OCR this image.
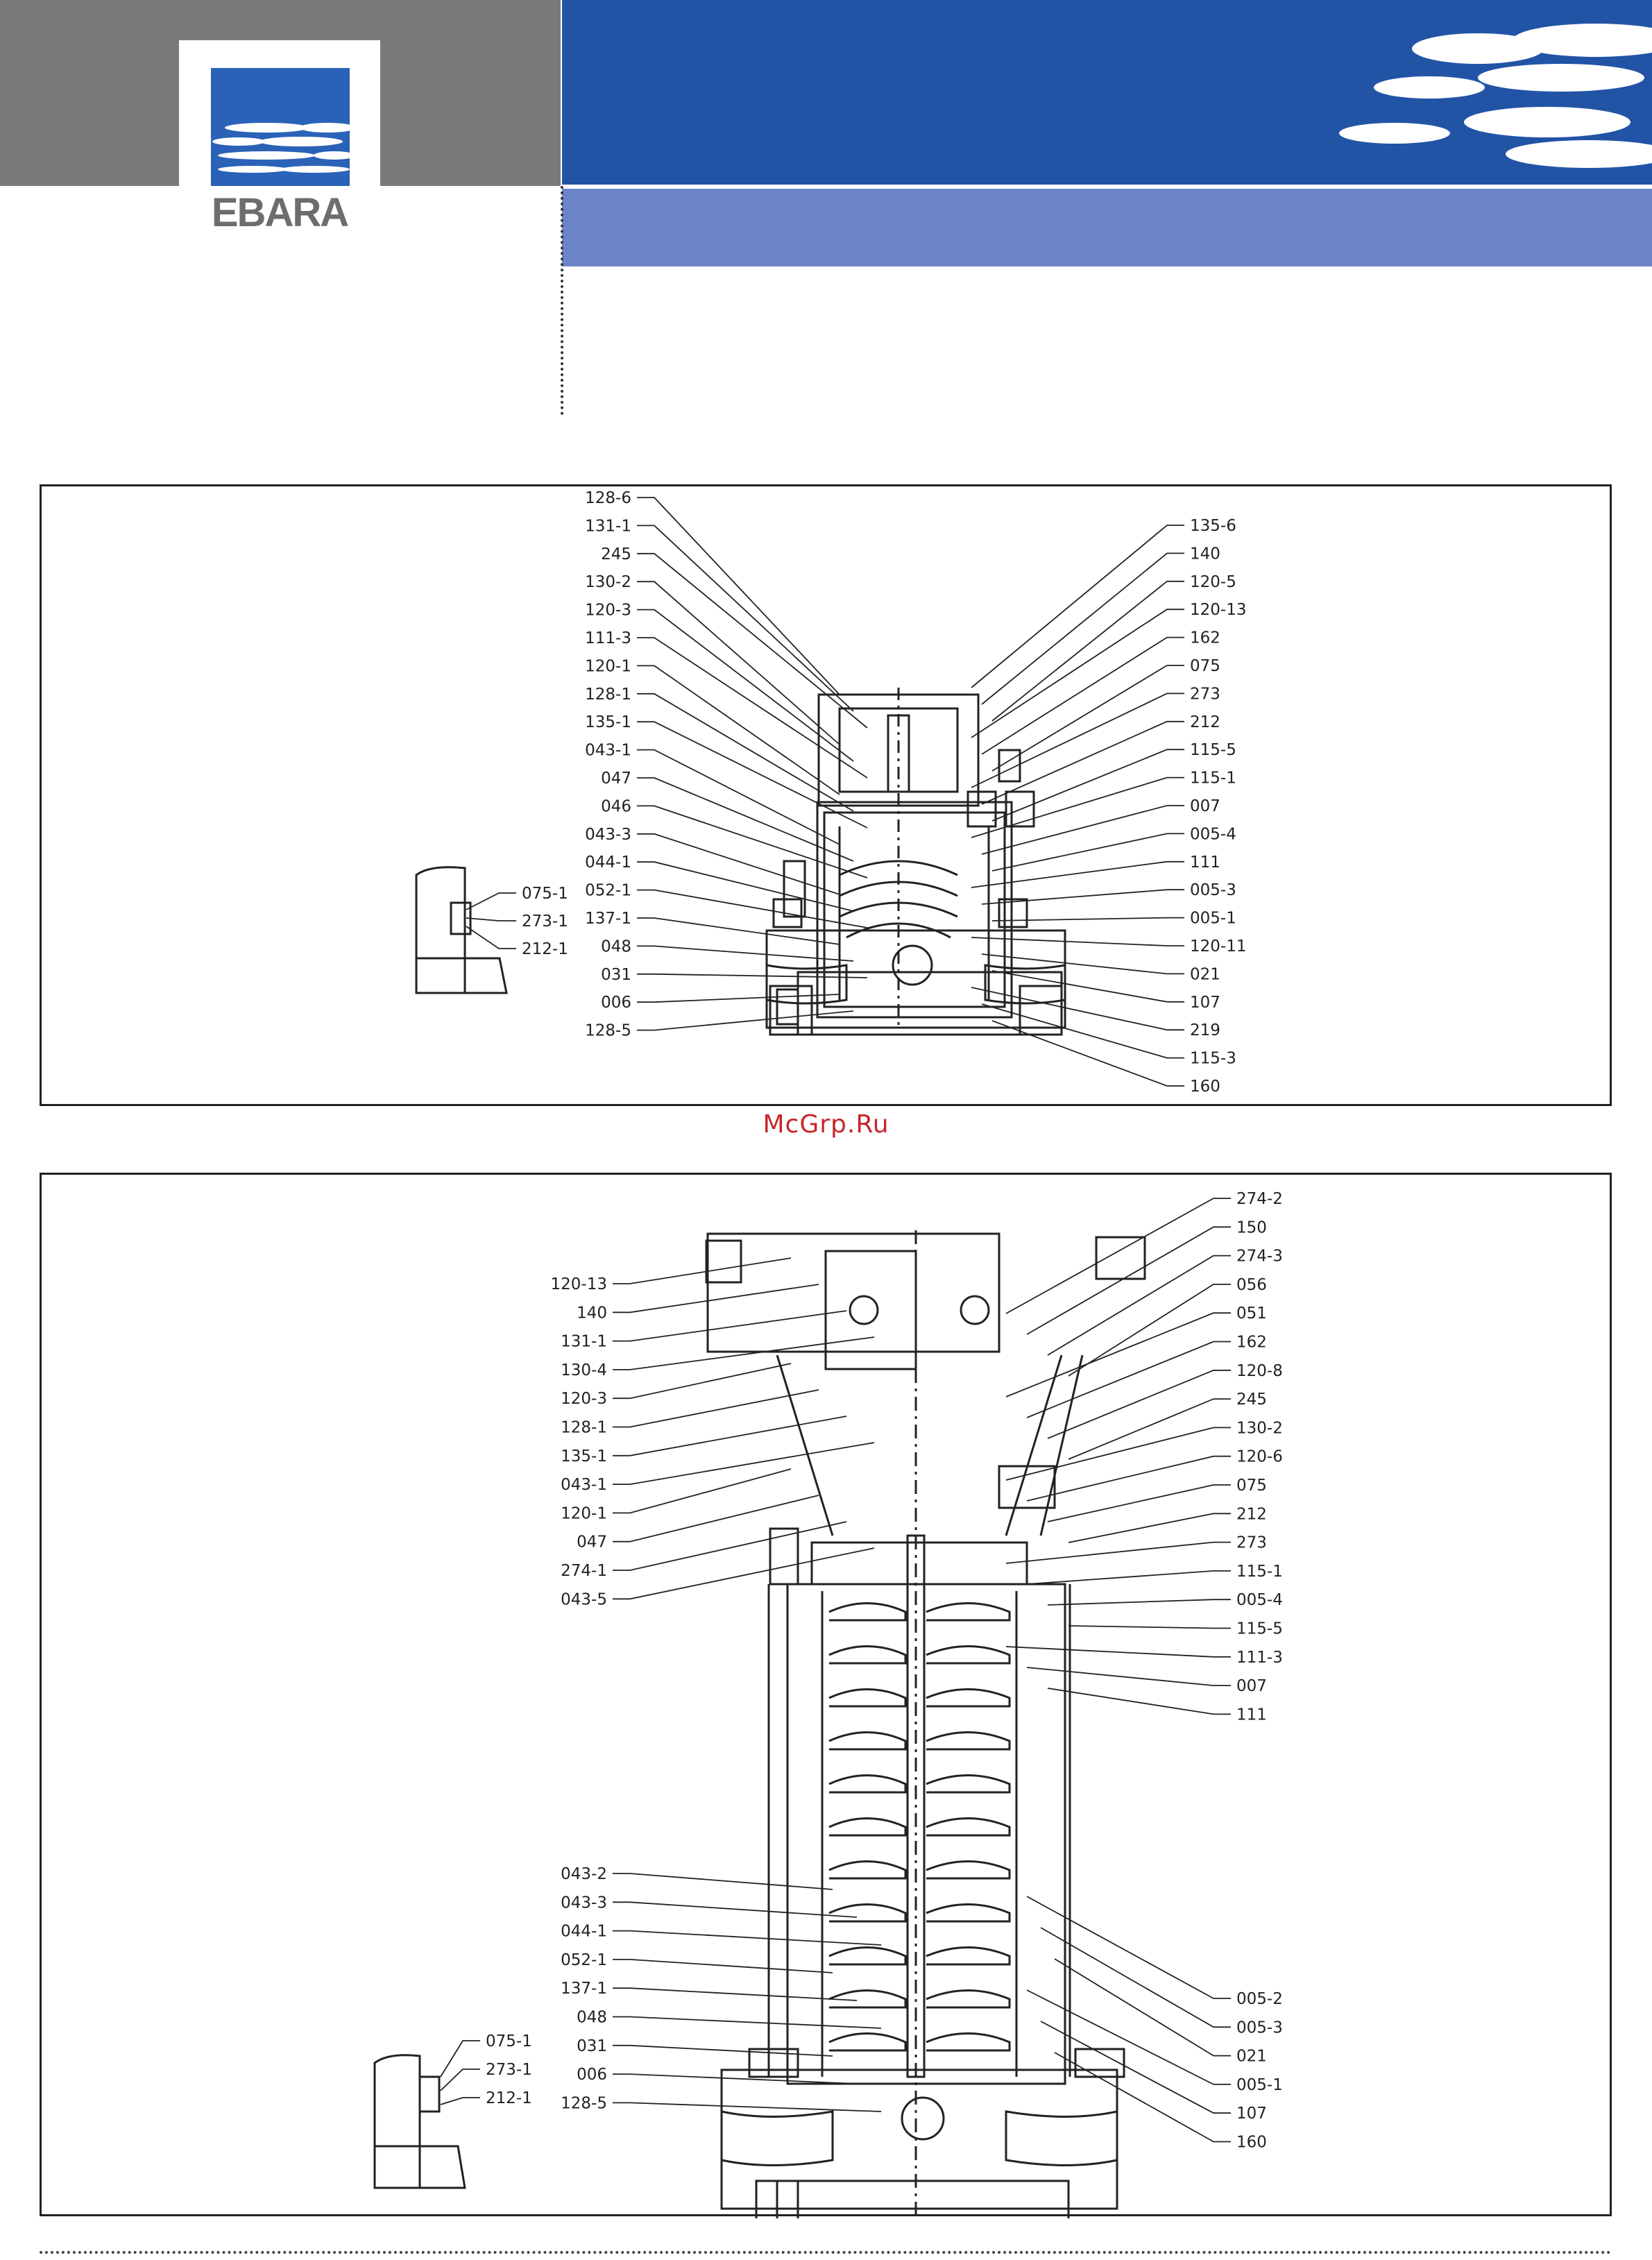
EBARA
128-6
131-1
245
130-2
120-3
111-3
120-1
128-1
135-1
043-1
047
046
043-3
044-1
052-1
137-1
048
031
006
128-5
135-6
140
120-5
120-13
162
075
273
212
115-5
115-1
007
005-4
111
005-3
005-1
120-11
021
107
219
115-3
160
075-1
273-1
212-1
McGrp.Ru
120-13
140
131-1
130-4
120-3
128-1
135-1
043-1
120-1
047
274-1
043-5
043-2
043-3
044-1
052-1
137-1
048
031
006
128-5
274-2
150
274-3
056
051
162
120-8
245
130-2
120-6
075
212
273
115-1
005-4
115-5
111-3
007
111
005-2
005-3
021
005-1
107
160
075-1
273-1
212-1
